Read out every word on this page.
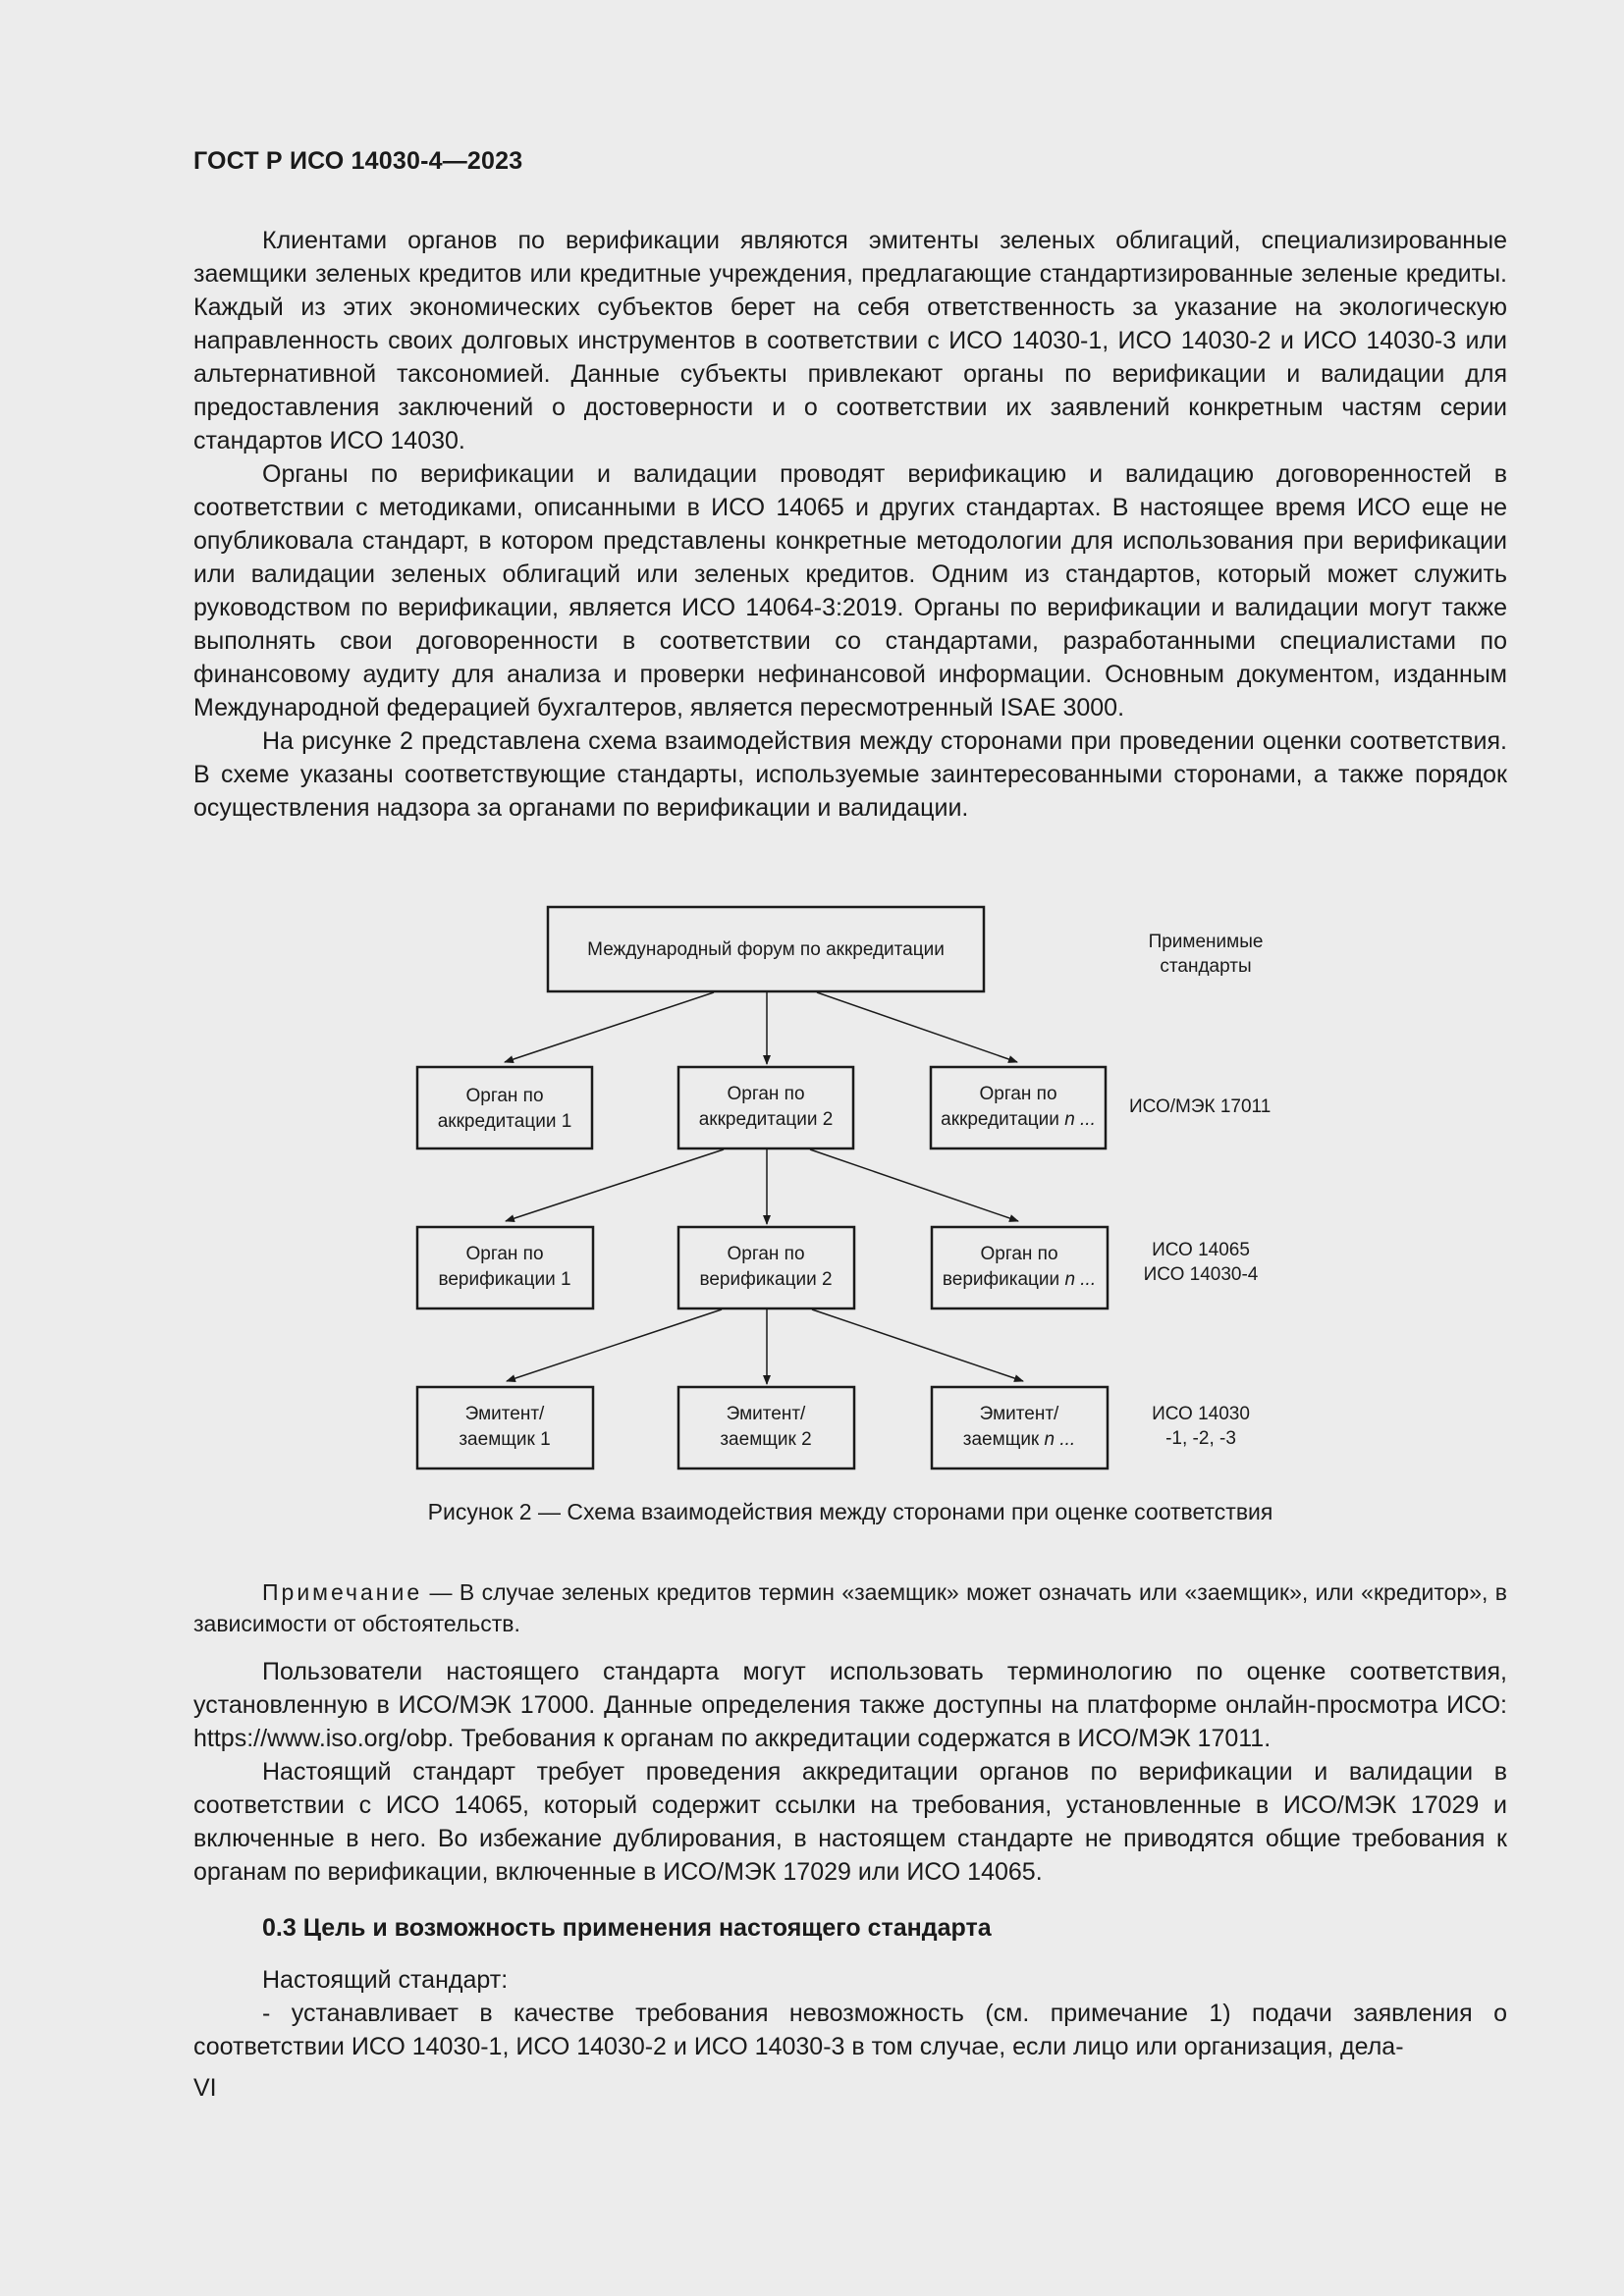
ГОСТ Р ИСО 14030-4—2023

Клиентами органов по верификации являются эмитенты зеленых облигаций, специализированные заемщики зеленых кредитов или кредитные учреждения, предлагающие стандартизированные зеленые кредиты. Каждый из этих экономических субъектов берет на себя ответственность за указание на экологическую направленность своих долговых инструментов в соответствии с ИСО 14030-1, ИСО 14030-2 и ИСО 14030-3 или альтернативной таксономией. Данные субъекты привлекают органы по верификации и валидации для предоставления заключений о достоверности и о соответствии их заявлений конкретным частям серии стандартов ИСО 14030.

Органы по верификации и валидации проводят верификацию и валидацию договоренностей в соответствии с методиками, описанными в ИСО 14065 и других стандартах. В настоящее время ИСО еще не опубликовала стандарт, в котором представлены конкретные методологии для использования при верификации или валидации зеленых облигаций или зеленых кредитов. Одним из стандартов, который может служить руководством по верификации, является ИСО 14064-3:2019. Органы по верификации и валидации могут также выполнять свои договоренности в соответствии со стандартами, разработанными специалистами по финансовому аудиту для анализа и проверки нефинансовой информации. Основным документом, изданным Международной федерацией бухгалтеров, является пересмотренный ISAE 3000.

На рисунке 2 представлена схема взаимодействия между сторонами при проведении оценки соответствия. В схеме указаны соответствующие стандарты, используемые заинтересованными сторонами, а также порядок осуществления надзора за органами по верификации и валидации.

Международный форум по аккредитации	Применимые
стандарты
Орган по
аккредитации 1
Орган по
аккредитации 2
Орган по
аккредитации n ...
ИСО/МЭК 17011
Орган по
верификации 1
Орган по
верификации 2
Орган по
верификации n ...
ИСО 14065
ИСО 14030-4
Эмитент/
заемщик 1
Эмитент/
заемщик 2
Эмитент/
заемщик n ...
ИСО 14030
-1, -2, -3
Рисунок 2 — Схема взаимодействия между сторонами при оценке соответствия

Примечание — В случае зеленых кредитов термин «заемщик» может означать или «заемщик», или «кредитор», в зависимости от обстоятельств.

Пользователи настоящего стандарта могут использовать терминологию по оценке соответствия, установленную в ИСО/МЭК 17000. Данные определения также доступны на платформе онлайн-просмотра ИСО: https://www.iso.org/obp. Требования к органам по аккредитации содержатся в ИСО/МЭК 17011.

Настоящий стандарт требует проведения аккредитации органов по верификации и валидации в соответствии с ИСО 14065, который содержит ссылки на требования, установленные в ИСО/МЭК 17029 и включенные в него. Во избежание дублирования, в настоящем стандарте не приводятся общие требования к органам по верификации, включенные в ИСО/МЭК 17029 или ИСО 14065.

0.3 Цель и возможность применения настоящего стандарта

Настоящий стандарт:

- устанавливает в качестве требования невозможность (см. примечание 1) подачи заявления о соответствии ИСО 14030-1, ИСО 14030-2 и ИСО 14030-3 в том случае, если лицо или организация, дела-

VI
